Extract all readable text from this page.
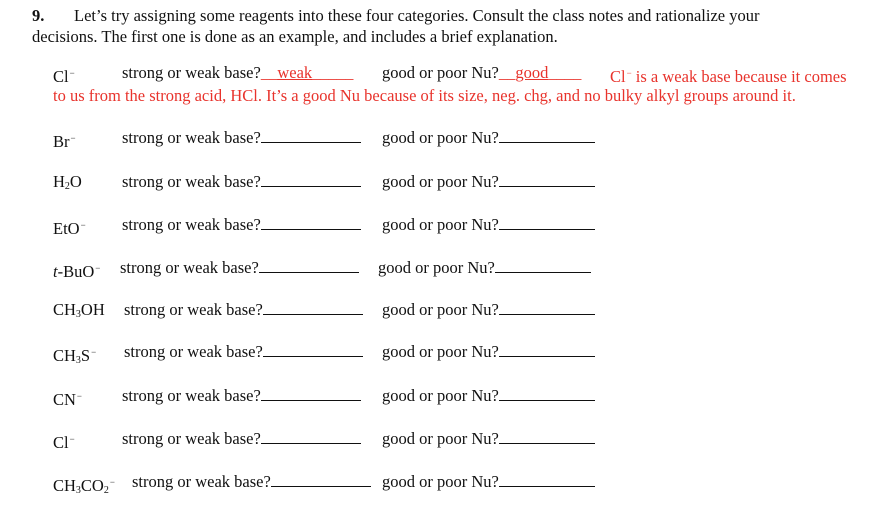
9. Let’s try assigning some reagents into these four categories. Consult the class notes and rationalize your
decisions. The first one is done as an example, and includes a brief explanation.
Cl−	strong or weak base?__weak_____ good or poor Nu?__good____ Cl− is a weak base because it comes
to us from the strong acid, HCl. It’s a good Nu because of its size, neg. chg, and no bulky alkyl groups around it.
Br−	strong or weak base?	good or poor Nu?
$H_2O$ strong or weak base?	good or poor Nu?
EtO− strong or weak base?	good or poor Nu?
t-BuO− strong or weak base?	good or poor Nu?
$CH_3OH$ strong or weak base?	good or poor Nu?
$CH_3S^-$ strong or weak base?	good or poor Nu?
CN− strong or weak base?	good or poor Nu?
Cl−	strong or weak base?	good or poor Nu?
$CH_3CO_2^-$ strong or weak base?	good or poor Nu?
